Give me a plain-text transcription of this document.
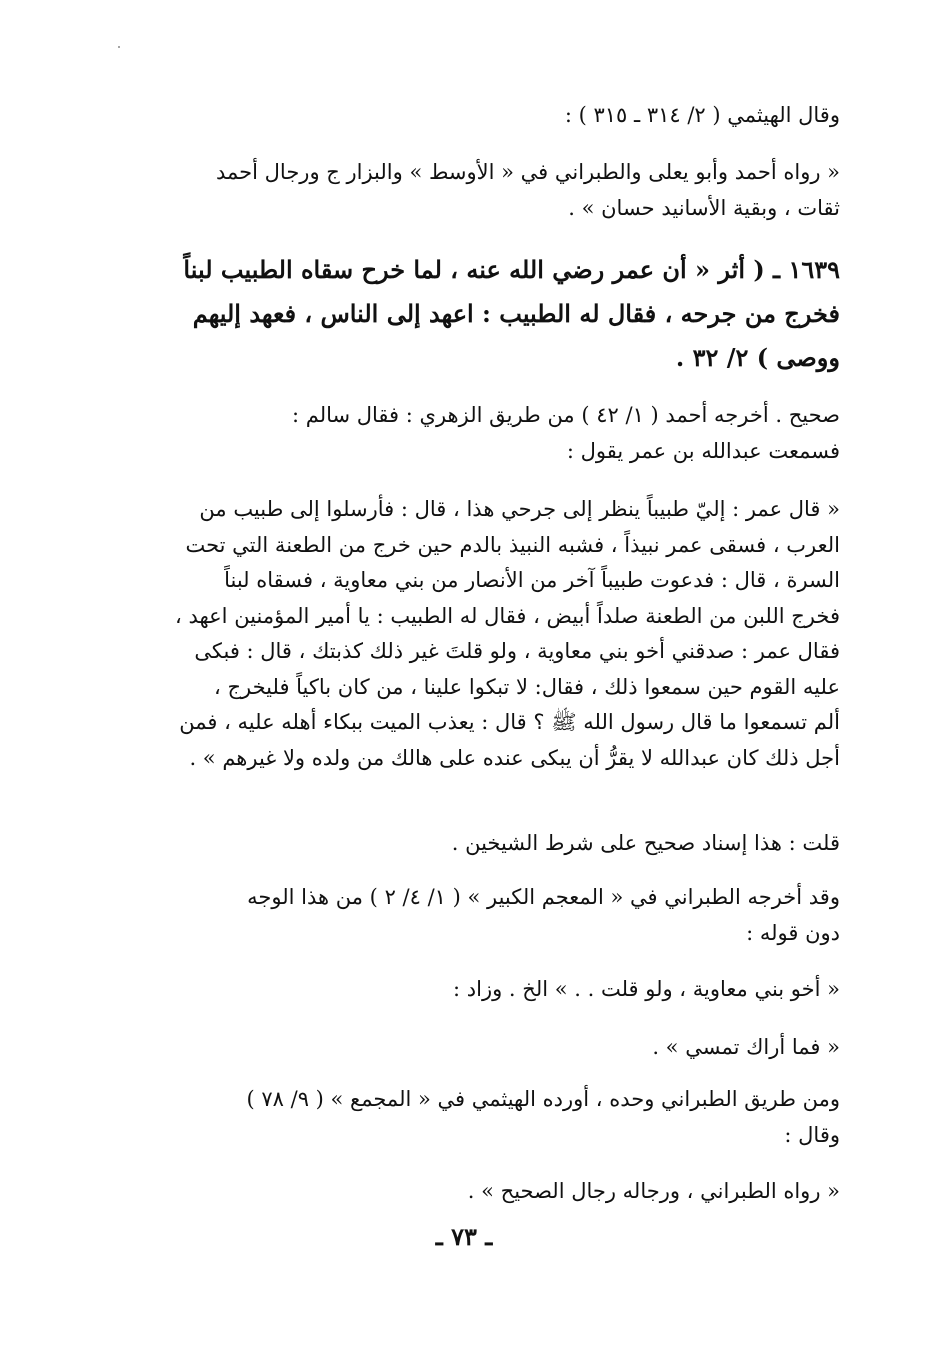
وقال الهيثمي ( ٢/ ٣١٤ ـ ٣١٥ ) :
« رواه أحمد وأبو يعلى والطبراني في « الأوسط » والبزار ج ورجال أحمد
ثقات ، وبقية الأسانيد حسان » .
١٦٣٩ ـ ( أثر « أن عمر رضي الله عنه ، لما خرح سقاه الطبيب لبناً
فخرج من جرحه ، فقال له الطبيب : اعهد إلى الناس ، فعهد إليهم
ووصى ) ٢/ ٣٢ .
صحيح . أخرجه أحمد ( ١/ ٤٢ ) من طريق الزهري : فقال سالم :
فسمعت عبدالله بن عمر يقول :
« قال عمر : إليّ طبيباً ينظر إلى جرحي هذا ، قال : فأرسلوا إلى طبيب من
العرب ، فسقى عمر نبيذاً ، فشبه النبيذ بالدم حين خرج من الطعنة التي تحت
السرة ، قال : فدعوت طبيباً آخر من الأنصار من بني معاوية ، فسقاه لبناً
فخرج اللبن من الطعنة صلداً أبيض ، فقال له الطبيب : يا أمير المؤمنين اعهد ،
فقال عمر : صدقني أخو بني معاوية ، ولو قلتَ غير ذلك كذبتك ، قال : فبكى
عليه القوم حين سمعوا ذلك ، فقال: لا تبكوا علينا ، من كان باكياً فليخرج ،
ألم تسمعوا ما قال رسول الله ﷺ ؟ قال : يعذب الميت ببكاء أهله عليه ، فمن
أجل ذلك كان عبدالله لا يقرُّ أن يبكى عنده على هالك من ولده ولا غيرهم » .
قلت : هذا إسناد صحيح على شرط الشيخين .
وقد أخرجه الطبراني في « المعجم الكبير » ( ١/ ٤/ ٢ ) من هذا الوجه
دون قوله :
« أخو بني معاوية ، ولو قلت . . » الخ . وزاد :
« فما أراك تمسي » .
ومن طريق الطبراني وحده ، أورده الهيثمي في « المجمع » ( ٩/ ٧٨ )
وقال :
« رواه الطبراني ، ورجاله رجال الصحيح » .
ـ ٧٣ ـ
